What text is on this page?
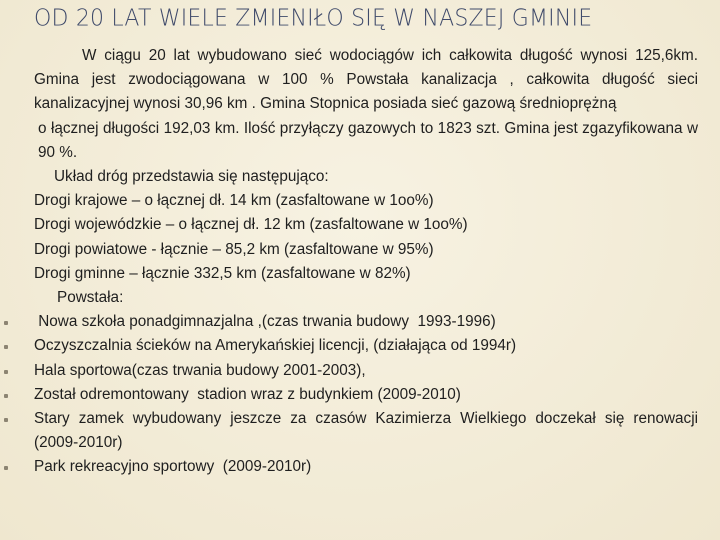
OD 20 LAT WIELE ZMIENIŁO SIĘ W NASZEJ GMINIE

W ciągu 20 lat wybudowano sieć wodociągów ich całkowita długość wynosi 125,6km. Gmina jest zwodociągowana w 100 % Powstała kanalizacja , całkowita długość sieci kanalizacyjnej wynosi 30,96 km . Gmina Stopnica posiada sieć gazową średnioprężną

o łącznej długości 192,03 km. Ilość przyłączy gazowych to 1823 szt. Gmina jest zgazyfikowana w 90 %.

Układ dróg przedstawia się następująco:

Drogi krajowe – o łącznej dł. 14 km (zasfaltowane w 1oo%)

Drogi wojewódzkie – o łącznej dł. 12 km (zasfaltowane w 1oo%)

Drogi powiatowe - łącznie – 85,2 km (zasfaltowane w 95%)

Drogi gminne – łącznie 332,5 km (zasfaltowane w 82%)

Powstała:

Nowa szkoła ponadgimnazjalna ,(czas trwania budowy  1993-1996)
Oczyszczalnia ścieków na Amerykańskiej licencji, (działająca od 1994r)
Hala sportowa(czas trwania budowy 2001-2003),
Został odremontowany  stadion wraz z budynkiem (2009-2010)
Stary zamek wybudowany jeszcze za czasów Kazimierza Wielkiego doczekał się renowacji (2009-2010r)
Park rekreacyjno sportowy  (2009-2010r)
